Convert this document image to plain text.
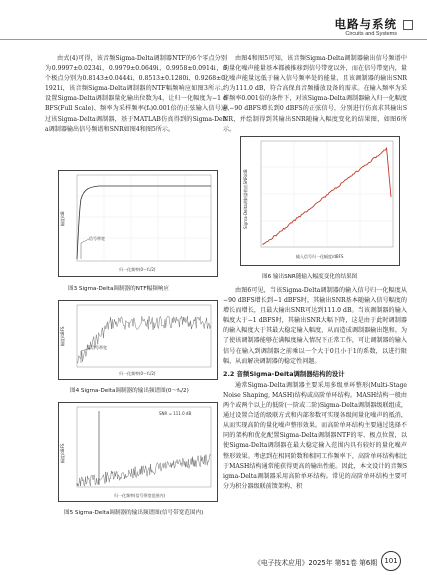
电路与系统
Circuits and Systems

由式(4)可得，该音频Sigma-Delta调制器NTF的6个零点分别为0.9997±0.0234i、0.9979±0.0649i、0.9958±0.0914i，6个极点分别为0.8143±0.0444i、0.8513±0.1280i、0.9268±0.1921i，该音频Sigma-Delta调制器的NTF幅频响应如图3所示。设置Sigma-Delta调制器量化输出位数为4，让归一化幅度为−1 dBFS(Full Scale)、频率为采样频率(fₛ)0.001倍的正弦输入信号通过该Sigma-Delta调制器，基于MATLAB仿真得到的Sigma-Delta调制器输出信号频谱和SNR如图4和图5所示。

信号带宽
幅度/dB
归一化频率(0～fₛ/2)
图3 Sigma-Delta调制器的NTF幅频响应
信号带宽
幅度/dBFS
归一化频率(0～fₛ/2)
图4 Sigma-Delta调制器的输出频谱图(0～fₛ/2)
SNR = 111.0 dB
幅度/dBFS
归一化频率(信号带宽范围内)
图5 Sigma-Delta调制器的输出频谱图(信号带宽范围内)
Sigma-Delta调制器输出SNR/dB
输入信号归一化幅度/dBFS
图6 输出SNR随输入幅度变化的结果图

由图4和图5可知，该音频Sigma-Delta调制器输出信号频谱中的量化噪声能量基本都被推移到信号带宽以外，而在信号带宽内，量化噪声能量远低于输入信号频率处的能量，且该调制器的输出SNR约为111.0 dB，符合高保真音频播放设备的需求。在输入频率为采样频率0.001倍的条件下，对该Sigma-Delta调制器输入归一化幅度从−90 dBFS增长到0 dBFS的正弦信号，分别进行仿真求其输出SNR，并绘制得到其输出SNR随输入幅度变化的结果图，如图6所示。

由图6可见，当该Sigma-Delta调制器的输入信号归一化幅度从−90 dBFS增长到−1 dBFS时，其输出SNR基本随输入信号幅度的增长而增长，且最大输出SNR可达到111.0 dB。当该调制器的输入幅度大于−1 dBFS时，其输出SNR大幅下降，这是由于此时调制器的输入幅度大于其最大稳定输入幅度，从而造成调制器输出饱和。为了使该调制器能够在满幅度输入情况下正常工作，可让调制器的输入信号在输入到调制器之前乘以一个大于0且小于1的系数，以进行限幅，从而解决调制器的稳定性问题。

2.2 音频Sigma-Delta调制器结构的设计

通常Sigma-Delta调制器主要采用多级单环整形(Multi-Stage Noise Shaping, MASH)结构或高阶单环结构。MASH结构一般由两个或两个以上的低阶(一阶或二阶)Sigma-Delta调制器级联组成，通过设置合适的级联方式和内部参数可实现各级间量化噪声的抵消，从而实现高阶的量化噪声整形效果。而高阶单环结构主要通过选择不同的架构和优化配置Sigma-Delta调制器NTF的零、极点位置，以使Sigma-Delta调制器在最大稳定输入范围内具有较好的量化噪声整形效果。考虑到在相同阶数和相同工作频率下，高阶单环结构相比于MASH结构通常能获得更高的输出性能。因此，本文设计的音频Sigma-Delta调制器采用高阶单环结构。常见的高阶单环结构主要可分为积分器级联前馈架构、积

《电子技术应用》2025年 第51卷 第6期	101
